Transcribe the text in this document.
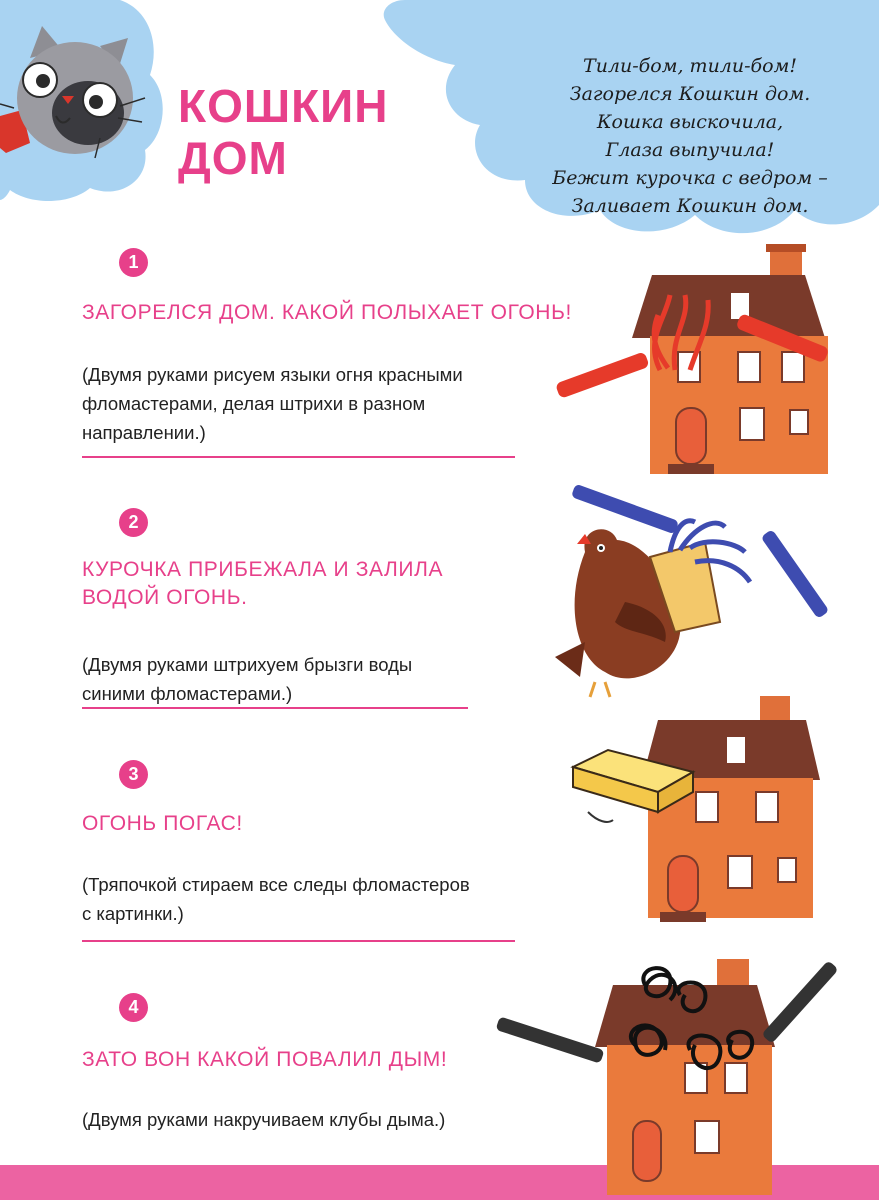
КОШКИН
ДОМ
Тили-бом, тили-бом!
Загорелся Кошкин дом.
Кошка выскочила,
Глаза выпучила!
Бежит курочка с ведром –
Заливает Кошкин дом.
1
ЗАГОРЕЛСЯ ДОМ. КАКОЙ ПОЛЫХАЕТ ОГОНЬ!
(Двумя руками рисуем языки огня красными
фломастерами, делая штрихи в разном
направлении.)
2
КУРОЧКА ПРИБЕЖАЛА И ЗАЛИЛА
ВОДОЙ ОГОНЬ.
(Двумя руками штрихуем брызги воды
синими фломастерами.)
3
ОГОНЬ ПОГАС!
(Тряпочкой стираем все следы фломастеров
с картинки.)
4
ЗАТО ВОН КАКОЙ ПОВАЛИЛ ДЫМ!
(Двумя руками накручиваем клубы дыма.)
